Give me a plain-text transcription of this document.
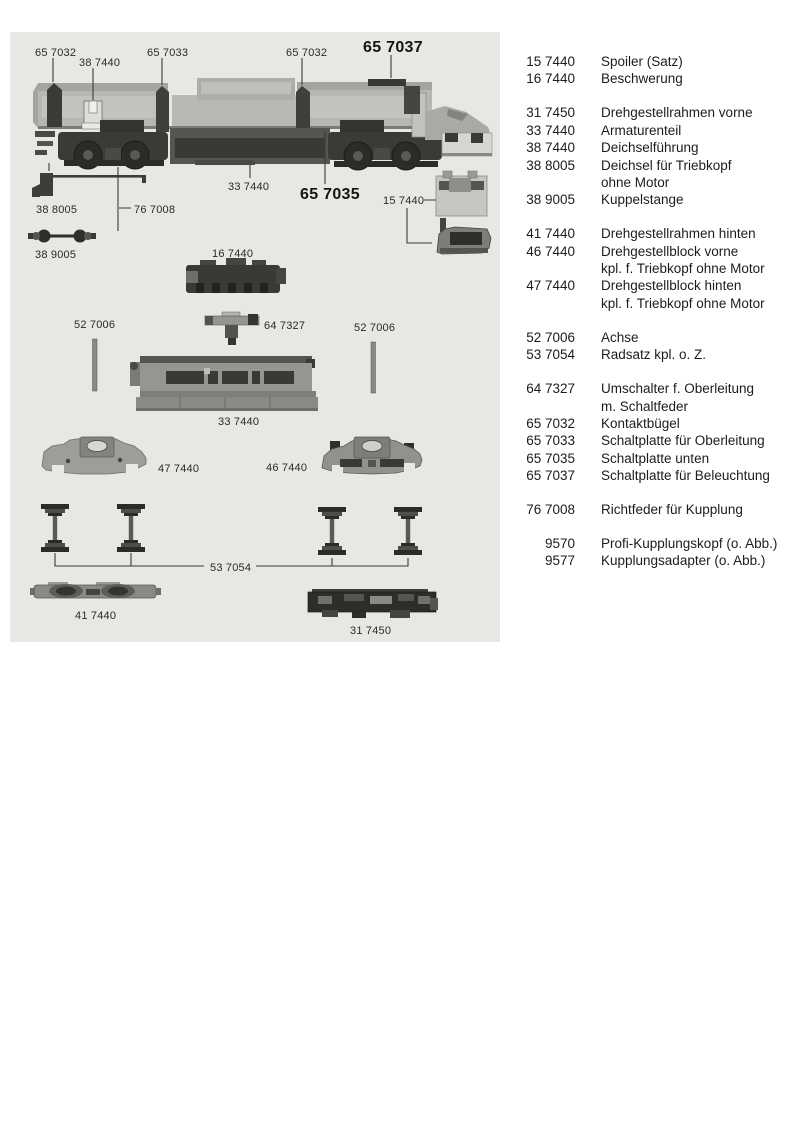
65 7032
38 7440
65 7033	65 7032 65 7037
33 7440 65 7035
38 8005	76 7008
15 7440
38 9005	16 7440
52 7006	64 7327	52 7006
33 7440
47 7440	46 7440
53 7054
41 7440
31 7450
15 7440 Spoiler (Satz)
16 7440 Beschwerung
31 7450 Drehgestellrahmen vorne
33 7440 Armaturenteil
38 7440 Deichselführung
38 8005 Deichsel für Triebkopf
ohne Motor
38 9005 Kuppelstange
41 7440 Drehgestellrahmen hinten
46 7440 Drehgestellblock vorne
kpl. f. Triebkopf ohne Motor
47 7440 Drehgestellblock hinten
kpl. f. Triebkopf ohne Motor
52 7006 Achse
53 7054 Radsatz kpl. o. Z.
64 7327 Umschalter f. Oberleitung
m. Schaltfeder
65 7032 Kontaktbügel
65 7033 Schaltplatte für Oberleitung
65 7035 Schaltplatte unten
65 7037 Schaltplatte für Beleuchtung
76 7008 Richtfeder für Kupplung
9570 Profi-Kupplungskopf (o. Abb.)
9577 Kupplungsadapter (o. Abb.)
